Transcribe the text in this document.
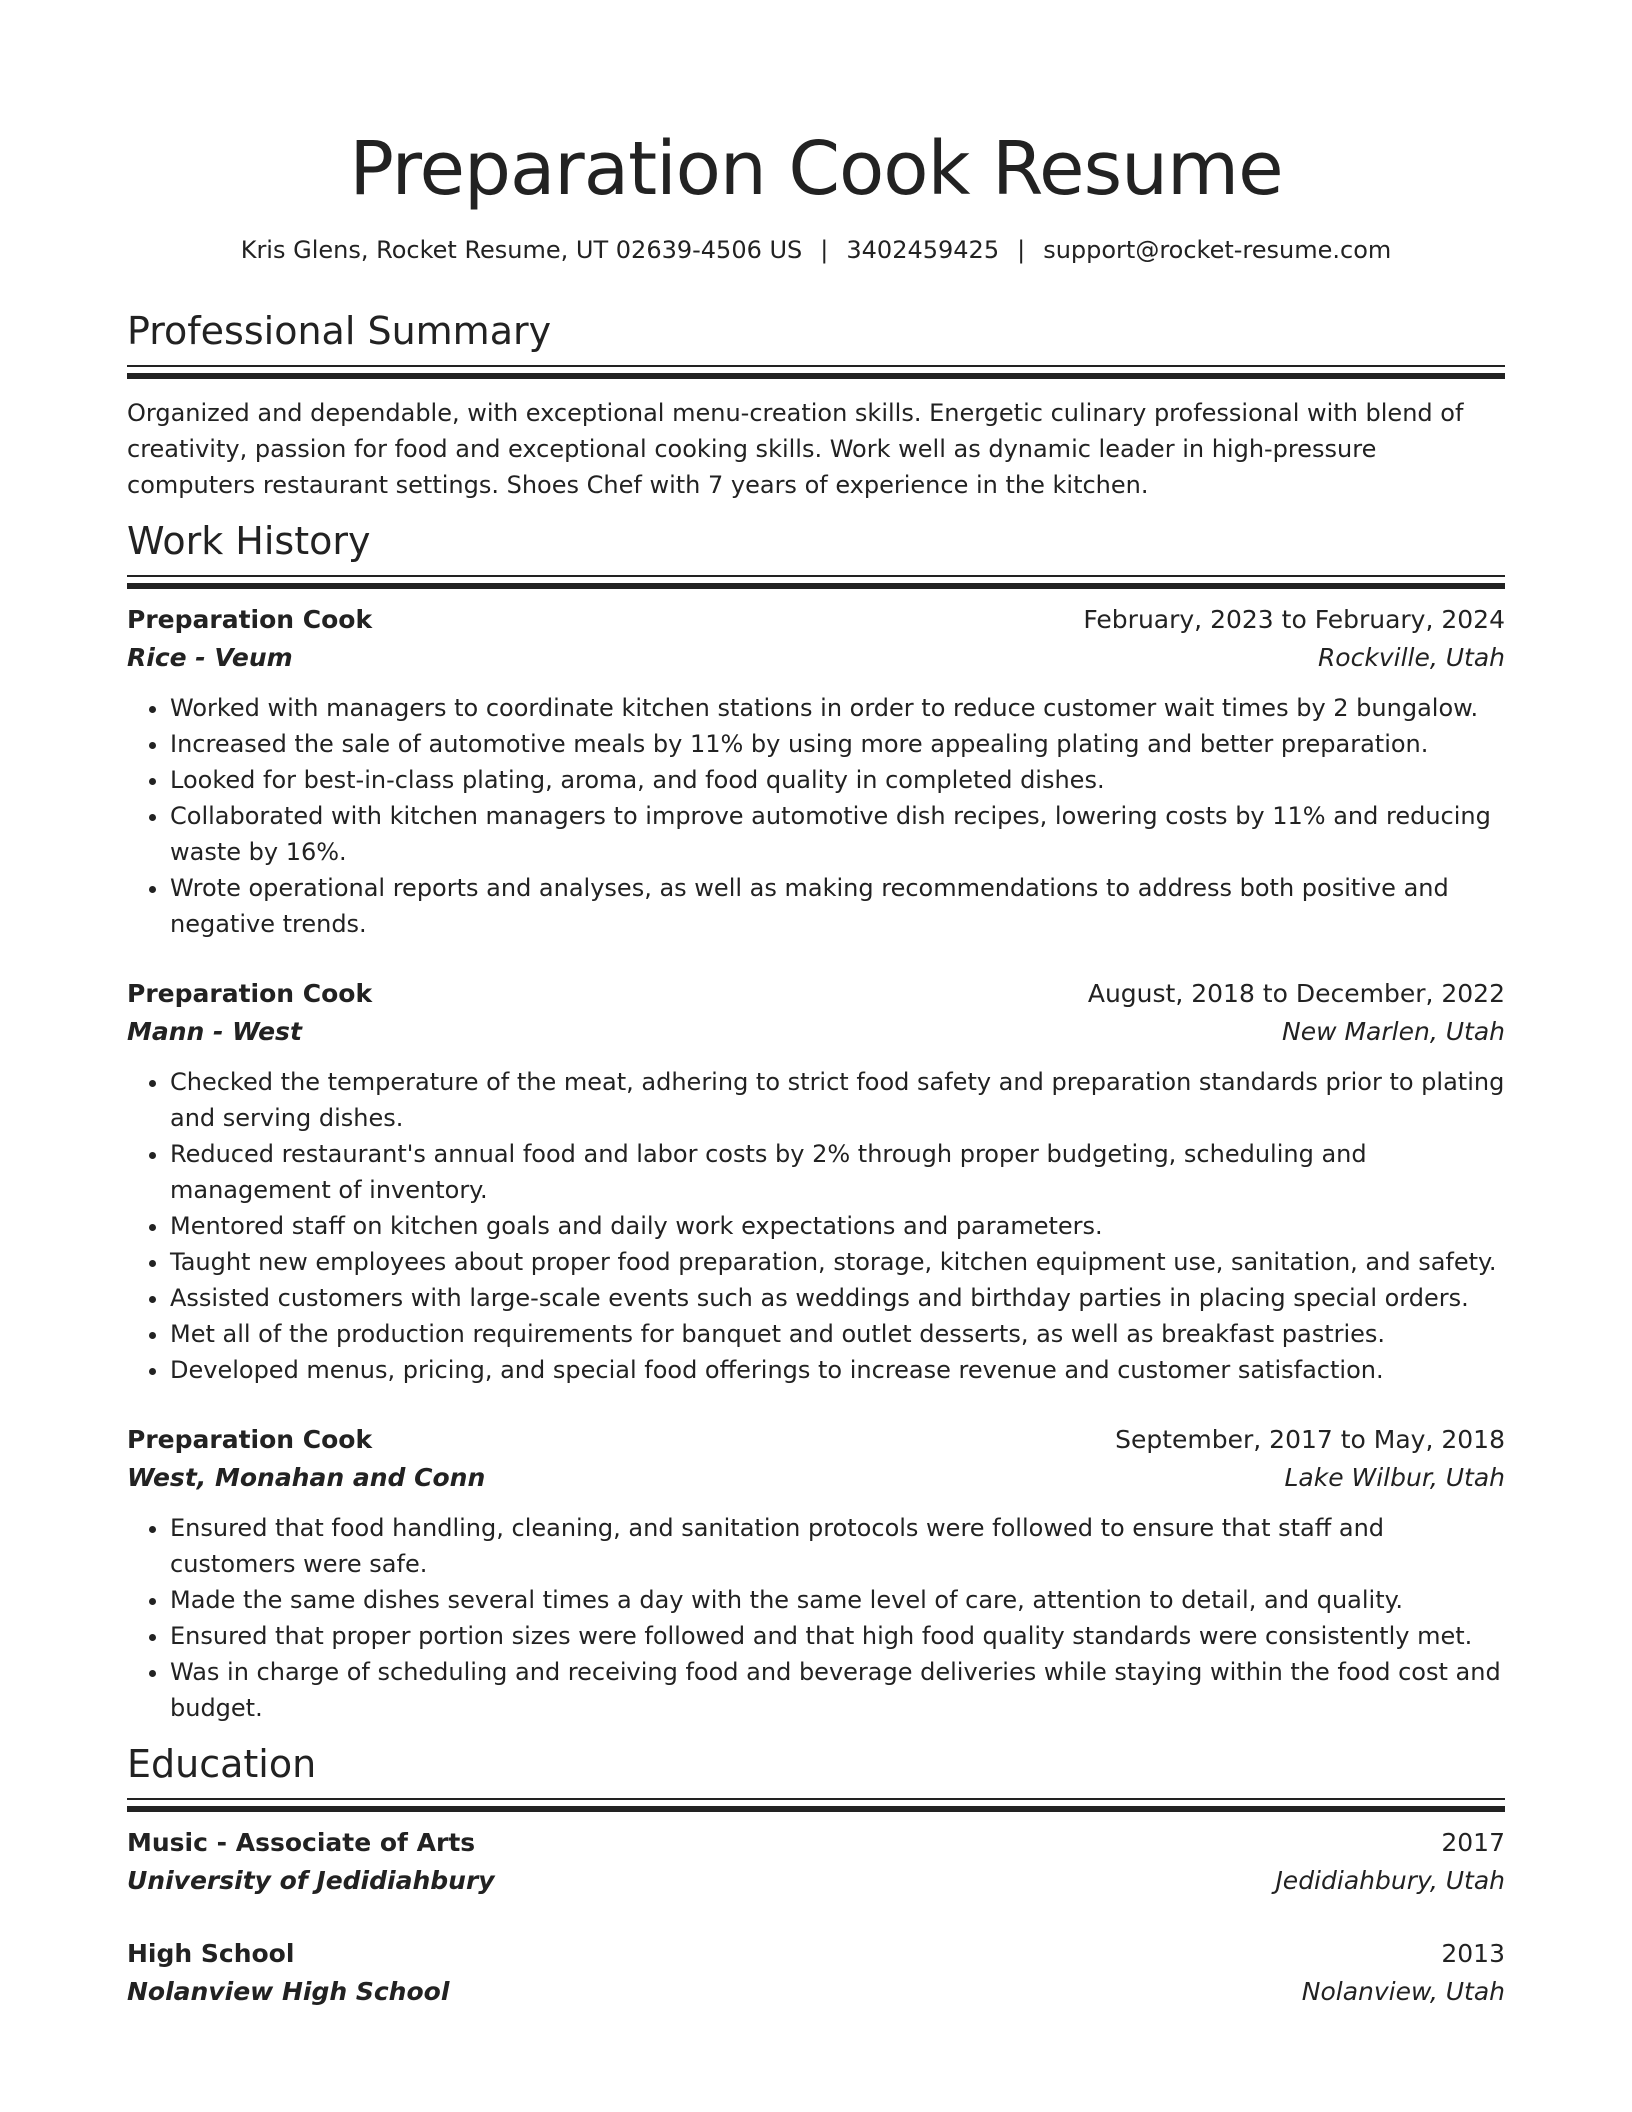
Preparation Cook Resume
Kris Glens, Rocket Resume, UT 02639-4506 US | 3402459425 | support@rocket-resume.com
Professional Summary

Organized and dependable, with exceptional menu-creation skills. Energetic culinary professional with blend of creativity, passion for food and exceptional cooking skills. Work well as dynamic leader in high-pressure computers restaurant settings. Shoes Chef with 7 years of experience in the kitchen.

Work History
Preparation Cook	February, 2023 to February, 2024
Rice - Veum	Rockville, Utah
• Worked with managers to coordinate kitchen stations in order to reduce customer wait times by 2 bungalow.
• Increased the sale of automotive meals by 11% by using more appealing plating and better preparation.
• Looked for best-in-class plating, aroma, and food quality in completed dishes.
• Collaborated with kitchen managers to improve automotive dish recipes, lowering costs by 11% and reducing waste by 16%.
• Wrote operational reports and analyses, as well as making recommendations to address both positive and negative trends.
Preparation Cook	August, 2018 to December, 2022
Mann - West	New Marlen, Utah
• Checked the temperature of the meat, adhering to strict food safety and preparation standards prior to plating and serving dishes.
• Reduced restaurant's annual food and labor costs by 2% through proper budgeting, scheduling and management of inventory.
• Mentored staff on kitchen goals and daily work expectations and parameters.
• Taught new employees about proper food preparation, storage, kitchen equipment use, sanitation, and safety.
• Assisted customers with large-scale events such as weddings and birthday parties in placing special orders.
• Met all of the production requirements for banquet and outlet desserts, as well as breakfast pastries.
• Developed menus, pricing, and special food offerings to increase revenue and customer satisfaction.
Preparation Cook	September, 2017 to May, 2018
West, Monahan and Conn	Lake Wilbur, Utah
• Ensured that food handling, cleaning, and sanitation protocols were followed to ensure that staff and customers were safe.
• Made the same dishes several times a day with the same level of care, attention to detail, and quality.
• Ensured that proper portion sizes were followed and that high food quality standards were consistently met.
• Was in charge of scheduling and receiving food and beverage deliveries while staying within the food cost and budget.
Education
Music - Associate of Arts	2017
University of Jedidiahbury	Jedidiahbury, Utah
High School	2013
Nolanview High School	Nolanview, Utah
